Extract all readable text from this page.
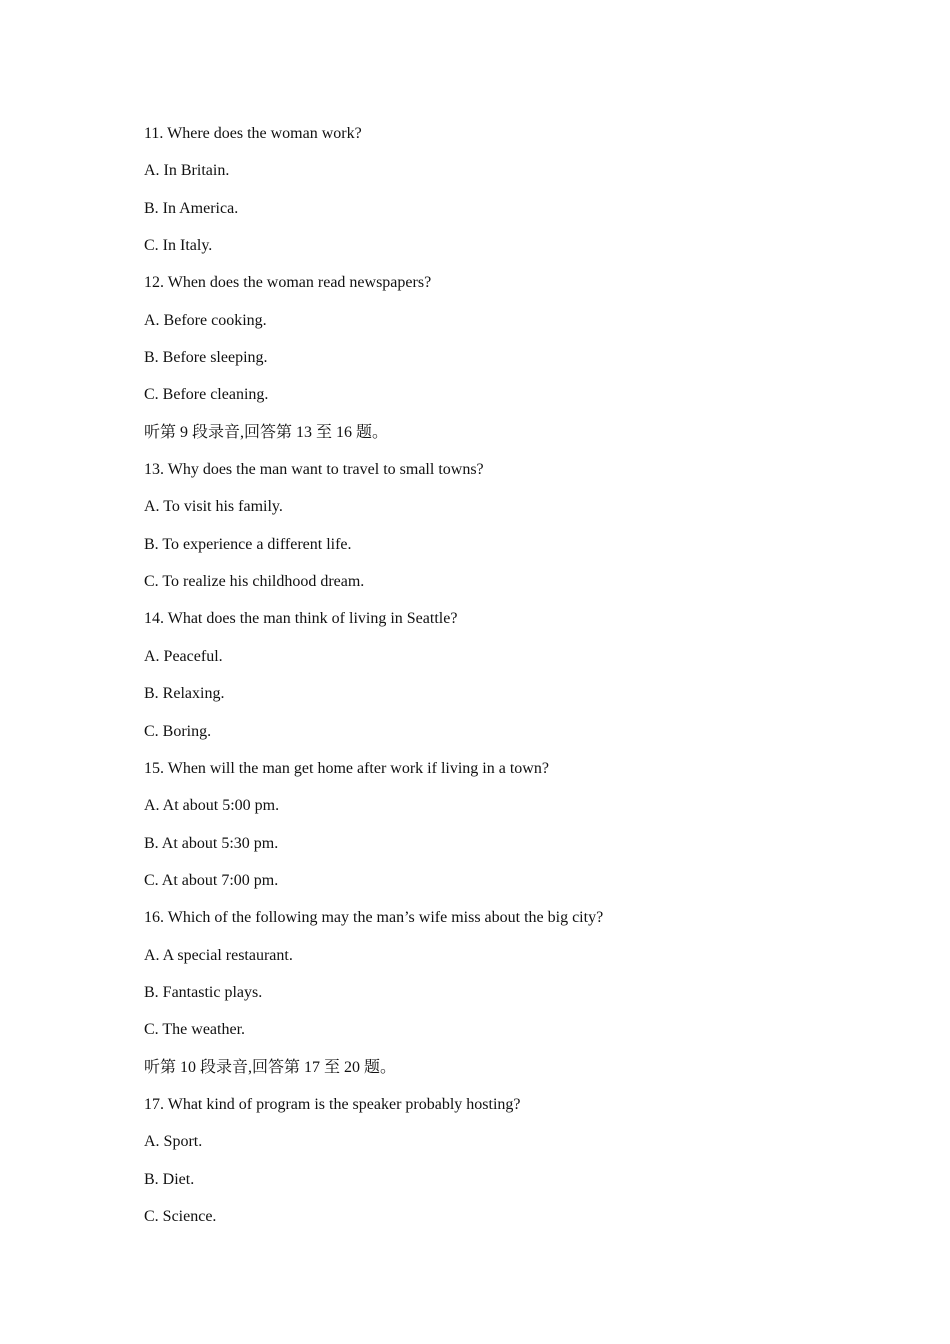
11. Where does the woman work?
A. In Britain.
B. In America.
C. In Italy.
12. When does the woman read newspapers?
A. Before cooking.
B. Before sleeping.
C. Before cleaning.
听第 9 段录音,回答第 13 至 16 题。
13. Why does the man want to travel to small towns?
A. To visit his family.
B. To experience a different life.
C. To realize his childhood dream.
14. What does the man think of living in Seattle?
A. Peaceful.
B. Relaxing.
C. Boring.
15. When will the man get home after work if living in a town?
A. At about 5:00 pm.
B. At about 5:30 pm.
C. At about 7:00 pm.
16. Which of the following may the man’s wife miss about the big city?
A. A special restaurant.
B. Fantastic plays.
C. The weather.
听第 10 段录音,回答第 17 至 20 题。
17. What kind of program is the speaker probably hosting?
A. Sport.
B. Diet.
C. Science.
